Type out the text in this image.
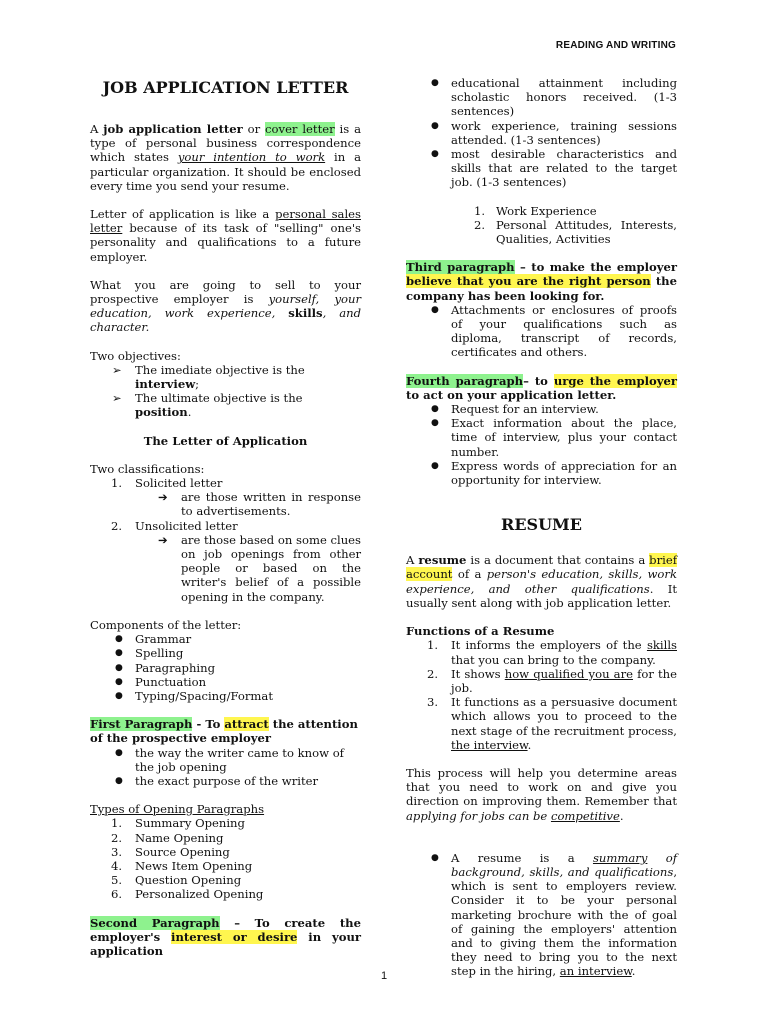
READING AND WRITING
JOB APPLICATION LETTER

A job application letter or cover letter is a type of personal business correspondence which states your intention to work in a particular organization. It should be enclosed every time you send your resume.

Letter of application is like a personal sales letter because of its task of "selling" one's personality and qualifications to a future employer.

What you are going to sell to your prospective employer is yourself, your education, work experience, skills, and character.

Two objectives:

➢	The imediate objective is the interview;
➢	The ultimate objective is the position.

The Letter of Application

Two classifications:

1.	Solicited letter
➔	are those written in response to advertisements.
2.	Unsolicited letter
➔	are those based on some clues on job openings from other people or based on the writer's belief of a possible opening in the company.

Components of the letter:

●	Grammar
●	Spelling
●	Paragraphing
●	Punctuation
●	Typing/Spacing/Format

First Paragraph - To attract the attention of the prospective employer

●	the way the writer came to know of the job opening
●	the exact purpose of the writer

Types of Opening Paragraphs

1.	Summary Opening
2.	Name Opening
3.	Source Opening
4.	News Item Opening
5.	Question Opening
6.	Personalized Opening

Second Paragraph – To create the employer's interest or desire in your application

●	educational attainment including scholastic honors received. (1-3 sentences)
●	work experience, training sessions attended. (1-3 sentences)
●	most desirable characteristics and skills that are related to the target job. (1-3 sentences)
1. Work Experience
2. Personal Attitudes, Interests, Qualities, Activities

Third paragraph – to make the employer believe that you are the right person the company has been looking for.

●	Attachments or enclosures of proofs of your qualifications such as diploma, transcript of records, certificates and others.

Fourth paragraph– to urge the employer to act on your application letter.

●	Request for an interview.
●	Exact information about the place, time of interview, plus your contact number.
●	Express words of appreciation for an opportunity for interview.
RESUME

A resume is a document that contains a brief account of a person's education, skills, work experience, and other qualifications. It usually sent along with job application letter.

Functions of a Resume

1.	It informs the employers of the skills that you can bring to the company.
2.	It shows how qualified you are for the job.
3.	It functions as a persuasive document which allows you to proceed to the next stage of the recruitment process, the interview.

This process will help you determine areas that you need to work on and give you direction on improving them. Remember that applying for jobs can be competitive.

●	A resume is a summary of background, skills, and qualifications, which is sent to employers review. Consider it to be your personal marketing brochure with the of goal of gaining the employers' attention and to giving them the information they need to bring you to the next step in the hiring, an interview.
1
